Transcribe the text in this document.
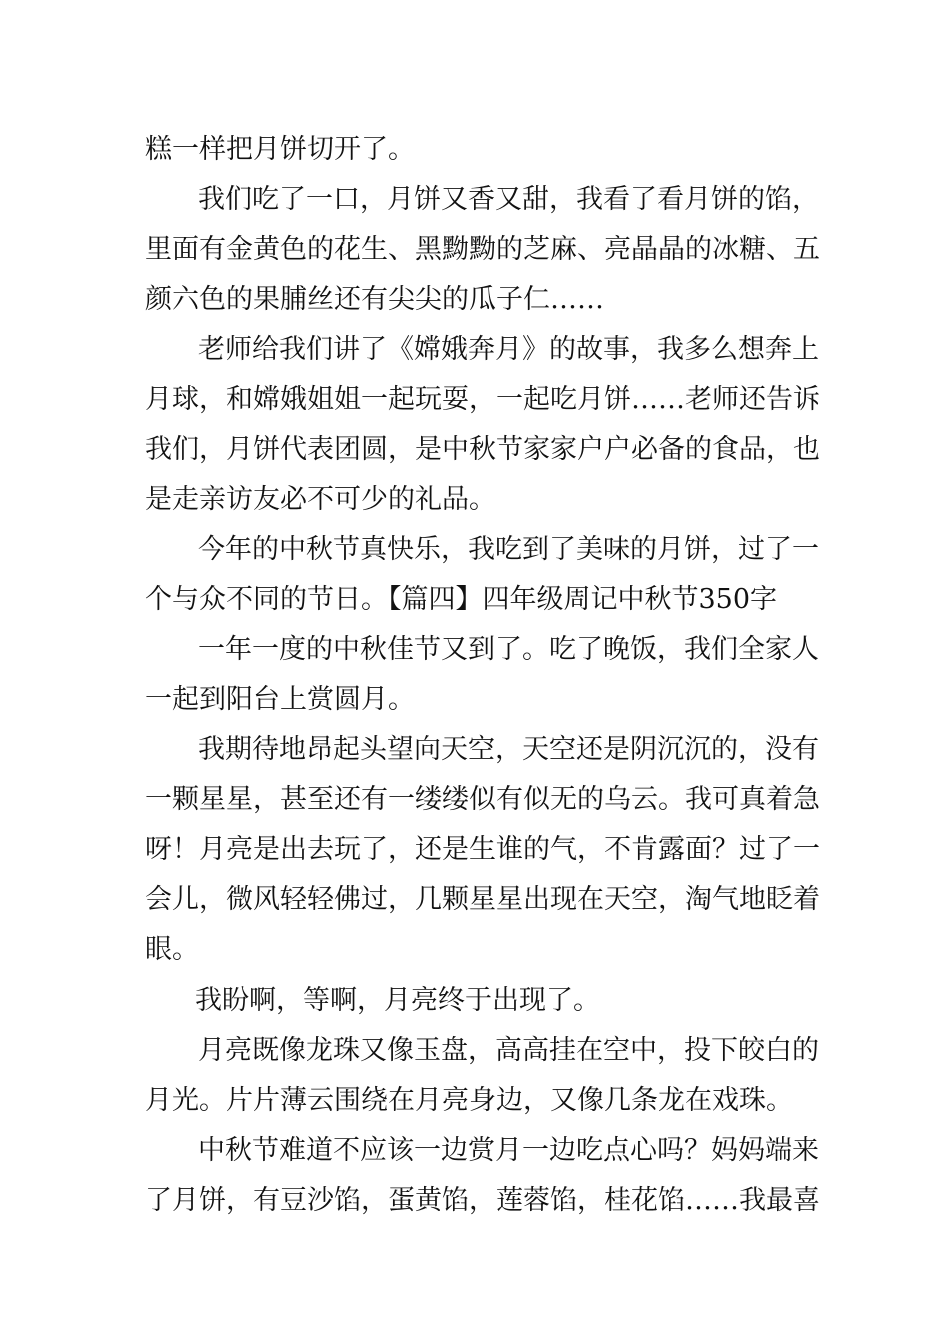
糕一样把月饼切开了。
我们吃了一口，月饼又香又甜，我看了看月饼的馅，
里面有金黄色的花生、黑黝黝的芝麻、亮晶晶的冰糖、五
颜六色的果脯丝还有尖尖的瓜子仁……
老师给我们讲了《嫦娥奔月》的故事，我多么想奔上
月球，和嫦娥姐姐一起玩耍，一起吃月饼……老师还告诉
我们，月饼代表团圆，是中秋节家家户户必备的食品，也
是走亲访友必不可少的礼品。
今年的中秋节真快乐，我吃到了美味的月饼，过了一
个与众不同的节日。【篇四】四年级周记中秋节350字
一年一度的中秋佳节又到了。吃了晚饭，我们全家人
一起到阳台上赏圆月。
我期待地昂起头望向天空，天空还是阴沉沉的，没有
一颗星星，甚至还有一缕缕似有似无的乌云。我可真着急
呀！月亮是出去玩了，还是生谁的气，不肯露面？过了一
会儿，微风轻轻佛过，几颗星星出现在天空，淘气地眨着
眼。
我盼啊，等啊，月亮终于出现了。
月亮既像龙珠又像玉盘，高高挂在空中，投下皎白的
月光。片片薄云围绕在月亮身边，又像几条龙在戏珠。
中秋节难道不应该一边赏月一边吃点心吗？妈妈端来
了月饼，有豆沙馅，蛋黄馅，莲蓉馅，桂花馅……我最喜
